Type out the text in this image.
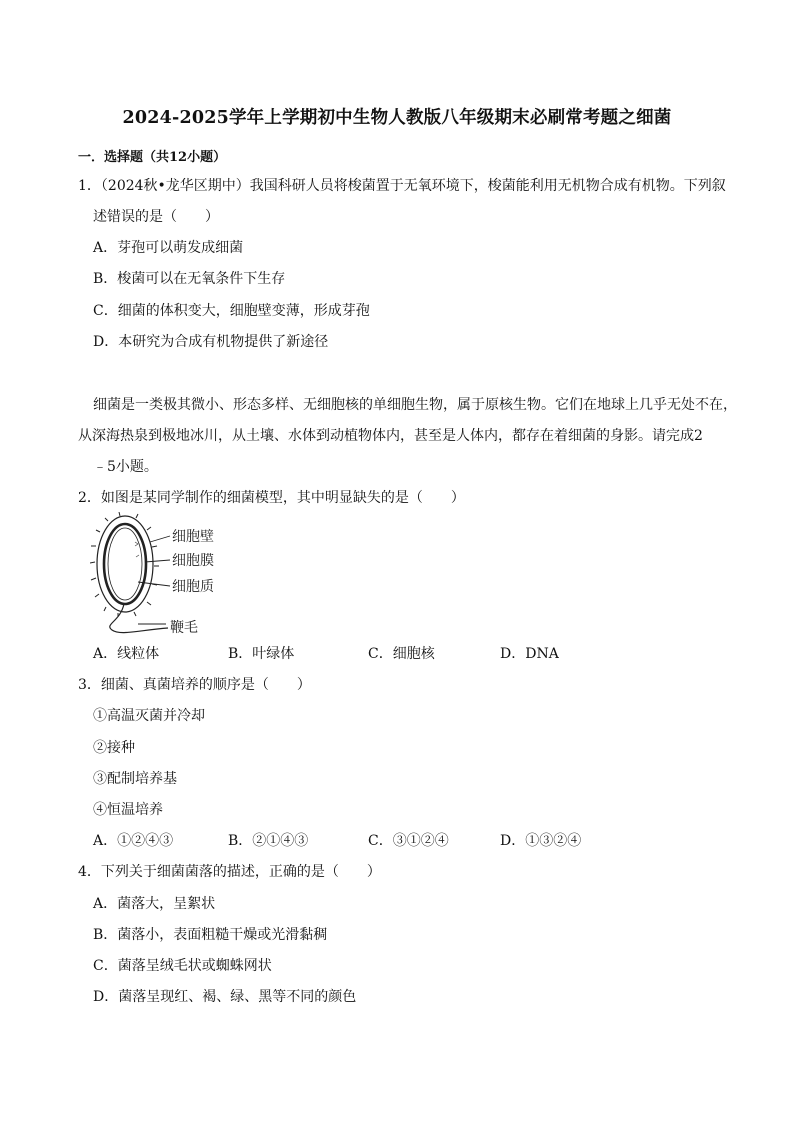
2024-2025学年上学期初中生物人教版八年级期末必刷常考题之细菌
一．选择题（共12小题）
1．（2024秋•龙华区期中）我国科研人员将梭菌置于无氧环境下，梭菌能利用无机物合成有机物。下列叙
述错误的是（　　）
A．芽孢可以萌发成细菌
B．梭菌可以在无氧条件下生存
C．细菌的体积变大，细胞壁变薄，形成芽孢
D．本研究为合成有机物提供了新途径
细菌是一类极其微小、形态多样、无细胞核的单细胞生物，属于原核生物。它们在地球上几乎无处不在，
从深海热泉到极地冰川，从土壤、水体到动植物体内，甚至是人体内，都存在着细菌的身影。请完成2
﹣5小题。
2．如图是某同学制作的细菌模型，其中明显缺失的是（　　）
细胞壁
细胞膜
细胞质
鞭毛
A．线粒体	B．叶绿体	C．细胞核	D．DNA
3．细菌、真菌培养的顺序是（　　）
①高温灭菌并冷却
②接种
③配制培养基
④恒温培养
A．①②④③	B．②①④③	C．③①②④	D．①③②④
4．下列关于细菌菌落的描述，正确的是（　　）
A．菌落大，呈絮状
B．菌落小，表面粗糙干燥或光滑黏稠
C．菌落呈绒毛状或蜘蛛网状
D．菌落呈现红、褐、绿、黑等不同的颜色
